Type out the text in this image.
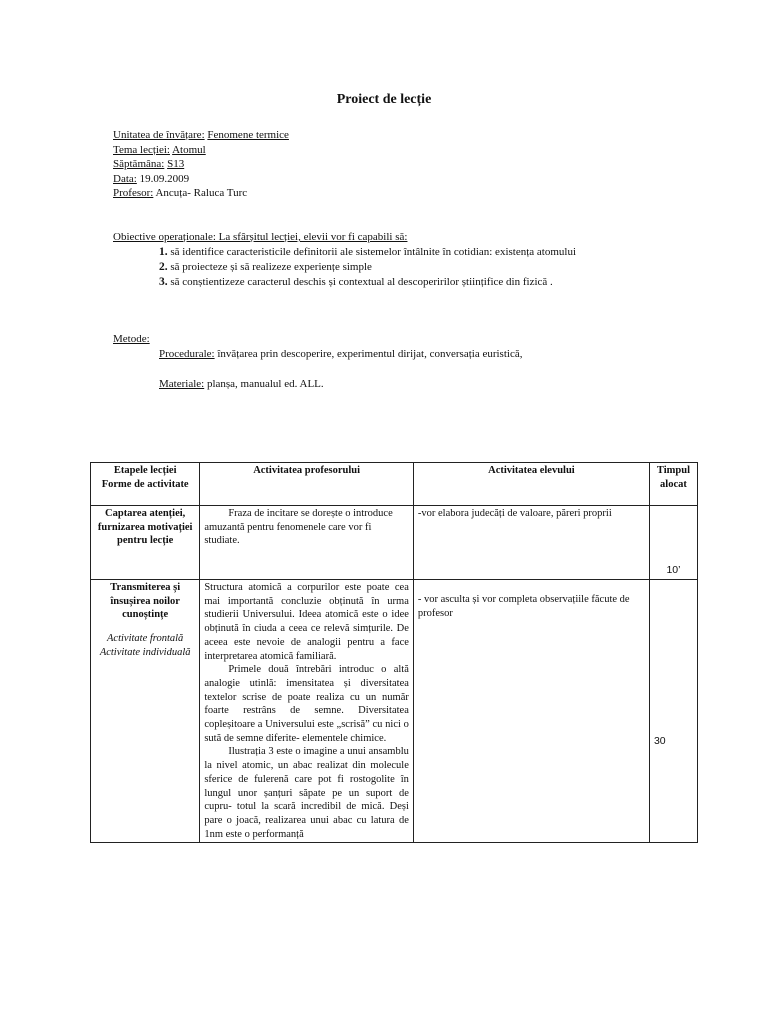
Proiect de lecție
Unitatea de învățare: Fenomene termice
Tema lecției: Atomul
Săptămâna: S13
Data: 19.09.2009
Profesor: Ancuța- Raluca Turc
Obiective operaționale: La sfârșitul lecției, elevii vor fi capabili să:
1. să identifice caracteristicile definitorii ale sistemelor întâlnite în cotidian: existența atomului
2. să proiecteze și să realizeze experiențe simple
3. să conștientizeze caracterul deschis și contextual al descoperirilor științifice din fizică .
Metode:
Procedurale: învățarea prin descoperire, experimentul dirijat, conversația euristică,
Materiale: planșa, manualul ed. ALL.
Etapele lecției
Forme de activitate	Activitatea profesorului	Activitatea elevului	Timpul alocat
Captarea atenției, furnizarea motivației pentru lecție	Fraza de incitare se dorește o introduce amuzantă pentru fenomenele care vor fi studiate.	-vor elabora judecăți de valoare, păreri proprii	10’
Transmiterea și însușirea noilor cunoștințe
Activitate frontală Activitate individuală	Structura atomică a corpurilor este poate cea mai importantă concluzie obținută în urma studierii Universului. Ideea atomică este o idee obținută în ciuda a ceea ce relevă simțurile. De aceea este nevoie de analogii pentru a face interpretarea atomică familiară.
Primele două întrebări introduc o altă analogie utinlă: imensitatea și diversitatea textelor scrise de poate realiza cu un număr foarte restrâns de semne. Diversitatea copleșitoare a Universului este „scrisă” cu nici o sută de semne diferite- elementele chimice.
Ilustrația 3 este o imagine a unui ansamblu la nivel atomic, un abac realizat din molecule sferice de fulerenă care pot fi rostogolite în lungul unor șanțuri săpate pe un suport de cupru- totul la scară incredibil de mică. Deși pare o joacă, realizarea unui abac cu latura de 1nm este o performanță	- vor asculta și vor completa observațiile făcute de profesor	30
